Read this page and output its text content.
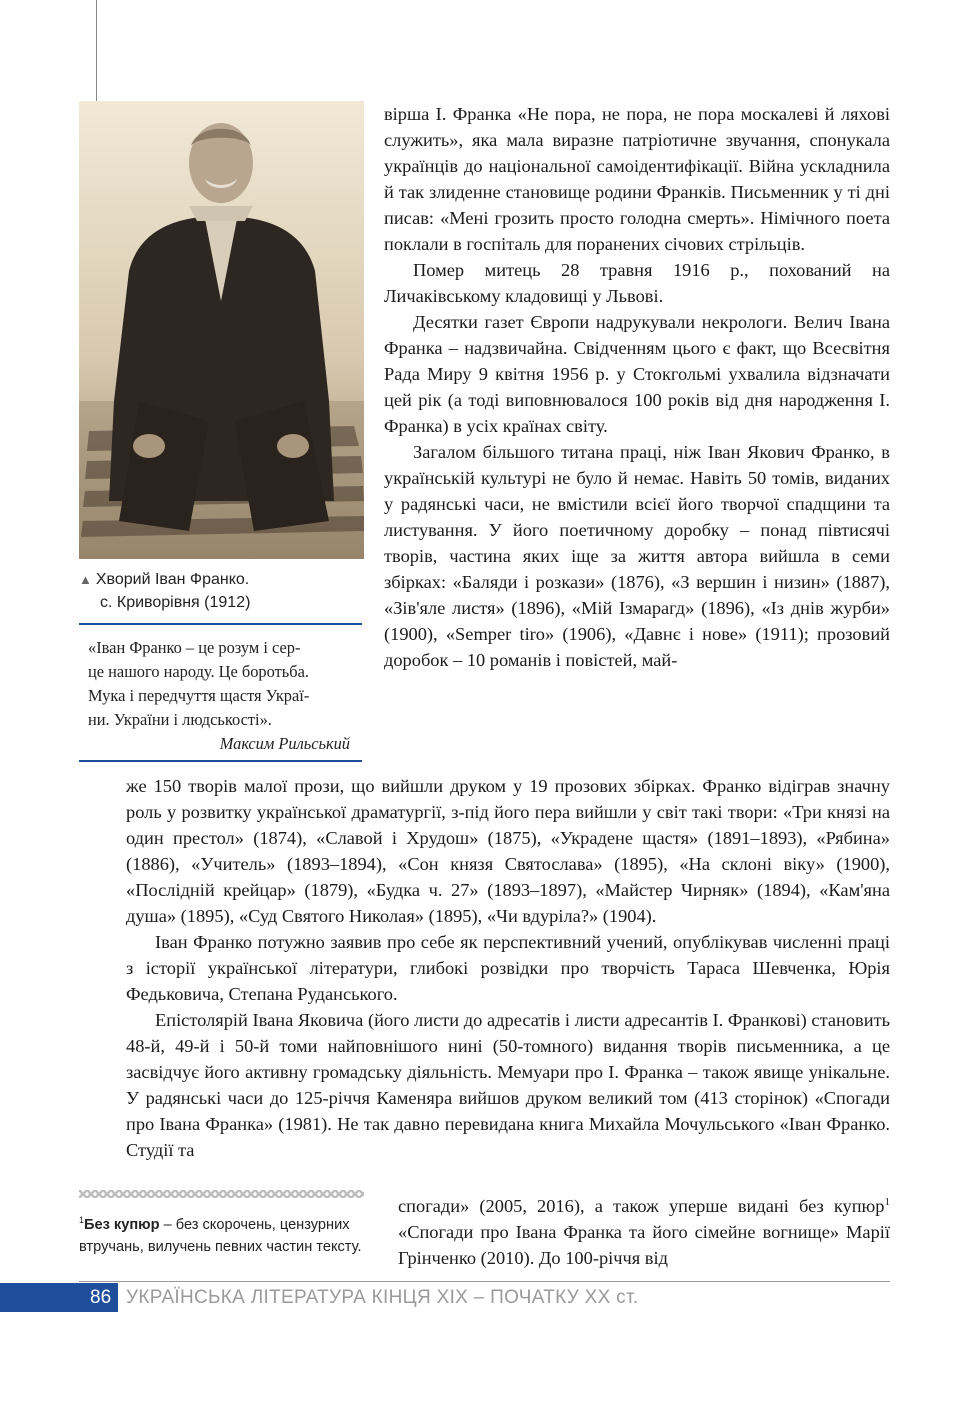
▲ Хворий Іван Франко.
с. Криворівня (1912)
«Іван Франко – це розум і сер-
це нашого народу. Це боротьба.
Мука і передчуття щастя Украї-
ни. України і людськості».
Максим Рильський

вірша І. Франка «Не пора, не пора, не пора москалеві й ляхові служить», яка мала виразне патріотичне звучання, спонукала українців до національної самоідентифікації. Війна ускладнила й так злиденне становище родини Франків. Письменник у ті дні писав: «Мені грозить просто голодна смерть». Німічного поета поклали в госпіталь для поранених січових стрільців.

Помер митець 28 травня 1916 р., похований на Личаківському кладовищі у Львові.

Десятки газет Європи надрукували некрологи. Велич Івана Франка – надзвичайна. Свідченням цього є факт, що Всесвітня Рада Миру 9 квітня 1956 р. у Стокгольмі ухвалила відзначати цей рік (а тоді виповнювалося 100 років від дня народження І. Франка) в усіх країнах світу.

Загалом більшого титана праці, ніж Іван Якович Франко, в українській культурі не було й немає. Навіть 50 томів, виданих у радянські часи, не вмістили всієї його творчої спадщини та листування. У його поетичному доробку – понад півтисячі творів, частина яких іще за життя автора вийшла в семи збірках: «Баляди і розкази» (1876), «З вершин і низин» (1887), «Зів'яле листя» (1896), «Мій Ізмарагд» (1896), «Із днів журби» (1900), «Semper tiro» (1906), «Давнє і нове» (1911); прозовий доробок – 10 романів і повістей, май-

же 150 творів малої прози, що вийшли друком у 19 прозових збірках. Франко відіграв значну роль у розвитку української драматургії, з-під його пера вийшли у світ такі твори: «Три князі на один престол» (1874), «Славой і Хрудош» (1875), «Украдене щастя» (1891–1893), «Рябина» (1886), «Учитель» (1893–1894), «Сон князя Святослава» (1895), «На склоні віку» (1900), «Послідній крейцар» (1879), «Будка ч. 27» (1893–1897), «Майстер Чирняк» (1894), «Кам'яна душа» (1895), «Суд Святого Николая» (1895), «Чи вдуріла?» (1904).

Іван Франко потужно заявив про себе як перспективний учений, опублікував численні праці з історії української літератури, глибокі розвідки про творчість Тараса Шевченка, Юрія Федьковича, Степана Руданського.

Епістолярій Івана Яковича (його листи до адресатів і листи адресантів І. Франкові) становить 48-й, 49-й і 50-й томи найповнішого нині (50-томного) видання творів письменника, а це засвідчує його активну громадську діяльність. Мемуари про І. Франка – також явище унікальне. У радянські часи до 125-річчя Каменяра вийшов друком великий том (413 сторінок) «Спогади про Івана Франка» (1981). Не так давно перевидана книга Михайла Мочульського «Іван Франко. Студії та

спогади» (2005, 2016), а також уперше видані без купюр$^1$ «Спогади про Івана Франка та його сімейне вогнище» Марії Грінченко (2010). До 100-річчя від

$^1$Без купюр – без скорочень, цензурних втручань, вилучень певних частин тексту.
86 УКРАЇНСЬКА ЛІТЕРАТУРА КІНЦЯ ХІХ – ПОЧАТКУ ХХ ст.
